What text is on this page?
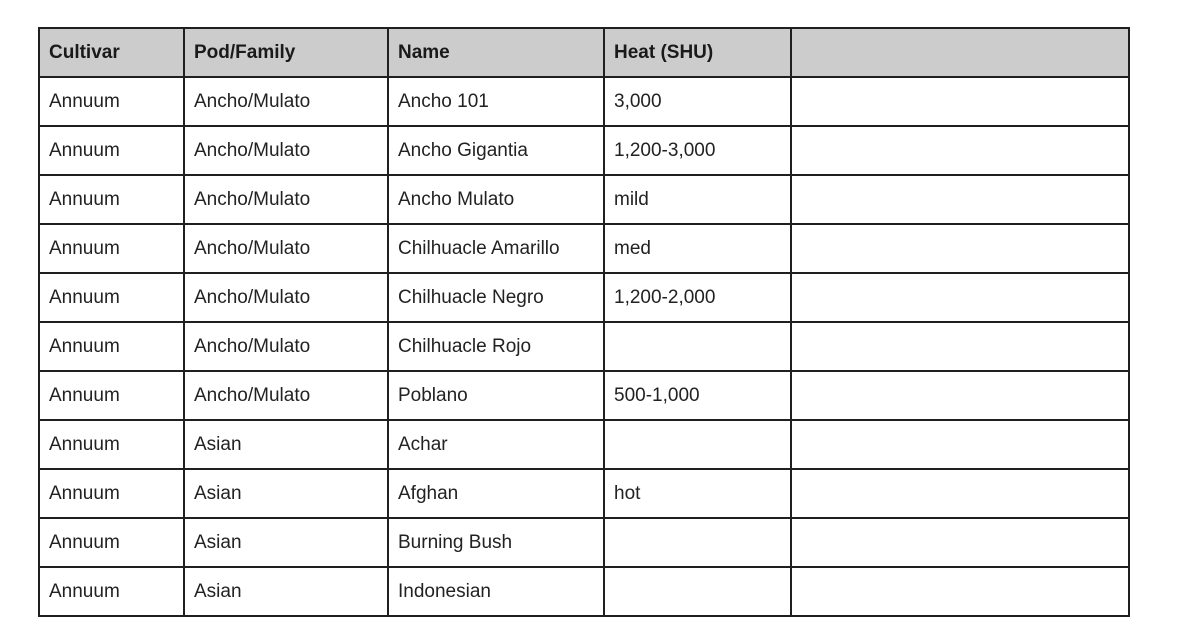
Cultivar	Pod/Family	Name	Heat (SHU)	
Annuum	Ancho/Mulato	Ancho 101	3,000	
Annuum	Ancho/Mulato	Ancho Gigantia	1,200-3,000	
Annuum	Ancho/Mulato	Ancho Mulato	mild	
Annuum	Ancho/Mulato	Chilhuacle Amarillo	med	
Annuum	Ancho/Mulato	Chilhuacle Negro	1,200-2,000	
Annuum	Ancho/Mulato	Chilhuacle Rojo		
Annuum	Ancho/Mulato	Poblano	500-1,000	
Annuum	Asian	Achar		
Annuum	Asian	Afghan	hot	
Annuum	Asian	Burning Bush		
Annuum	Asian	Indonesian		
